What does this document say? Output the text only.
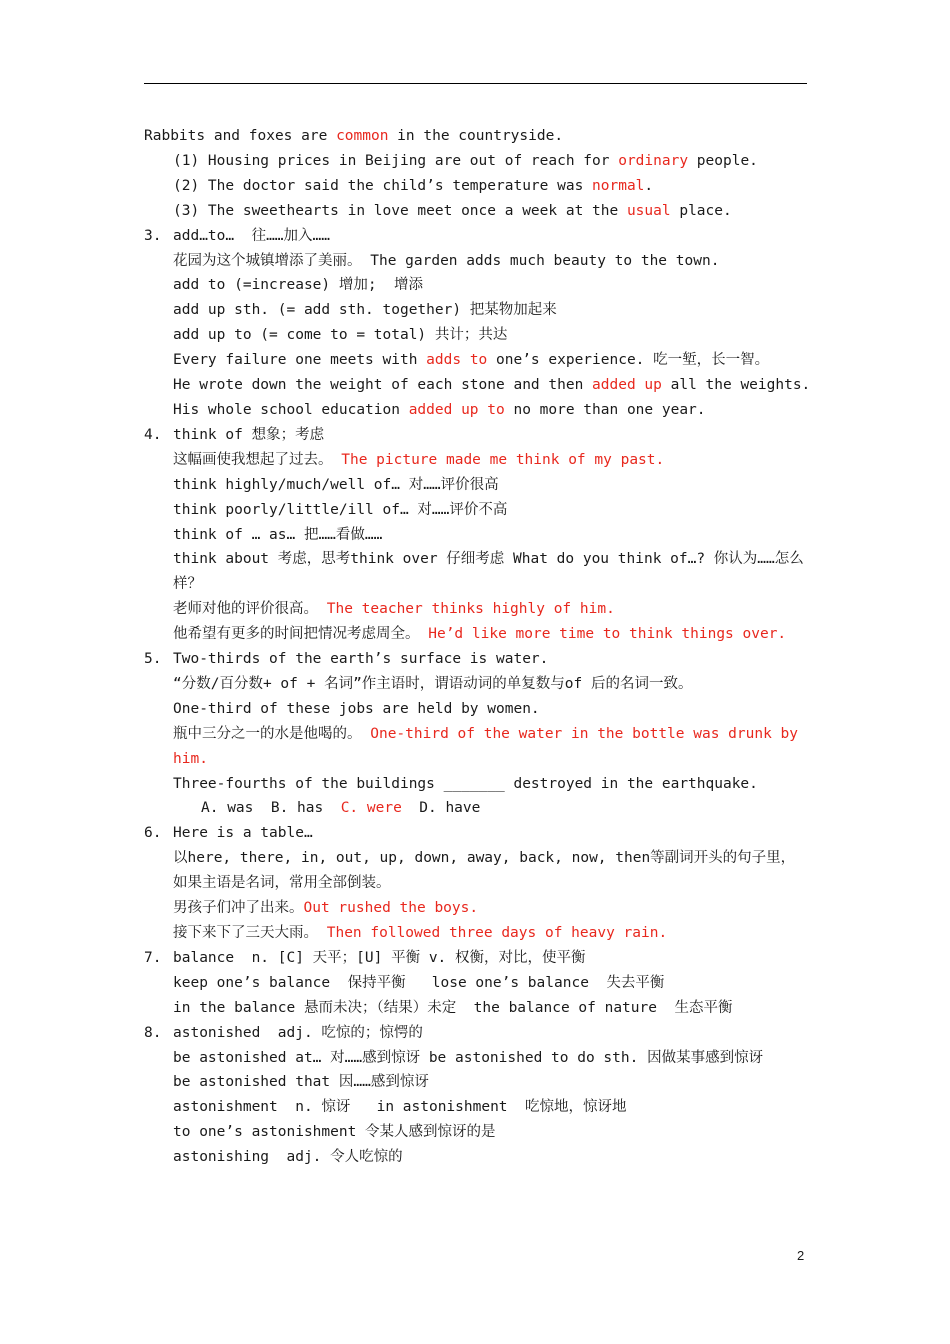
Rabbits and foxes are common in the countryside.
(1) Housing prices in Beijing are out of reach for ordinary people.
(2) The doctor said the child’s temperature was normal.
(3) The sweethearts in love meet once a week at the usual place.
3. add…to…  往……加入……
花园为这个城镇增添了美丽。 The garden adds much beauty to the town.
add to (=increase) 增加;  增添
add up sth. (= add sth. together) 把某物加起来
add up to (= come to = total) 共计；共达
Every failure one meets with adds to one’s experience. 吃一堑，长一智。
He wrote down the weight of each stone and then added up all the weights.
His whole school education added up to no more than one year.
4. think of 想象；考虑
这幅画使我想起了过去。 The picture made me think of my past.
think highly/much/well of… 对……评价很高
think poorly/little/ill of… 对……评价不高
think of … as… 把……看做……
think about 考虑，思考think over 仔细考虑 What do you think of…? 你认为……怎么样？
老师对他的评价很高。 The teacher thinks highly of him.
他希望有更多的时间把情况考虑周全。 He’d like more time to think things over.
5. Two-thirds of the earth’s surface is water.
“分数/百分数+ of + 名词”作主语时，谓语动词的单复数与of 后的名词一致。
One-third of these jobs are held by women.
瓶中三分之一的水是他喝的。 One-third of the water in the bottle was drunk by him.
Three-fourths of the buildings _______ destroyed in the earthquake.
A. was  B. has  C. were  D. have
6. Here is a table…
以here, there, in, out, up, down, away, back, now, then等副词开头的句子里，如果主语是名词，常用全部倒装。
男孩子们冲了出来。Out rushed the boys.
接下来下了三天大雨。 Then followed three days of heavy rain.
7. balance  n. [C] 天平；[U] 平衡 v. 权衡，对比，使平衡
keep one’s balance  保持平衡   lose one’s balance  失去平衡
in the balance 悬而未决；（结果）未定  the balance of nature  生态平衡
8. astonished  adj. 吃惊的；惊愕的
be astonished at… 对……感到惊讶 be astonished to do sth. 因做某事感到惊讶
be astonished that 因……感到惊讶
astonishment  n. 惊讶   in astonishment  吃惊地，惊讶地
to one’s astonishment 令某人感到惊讶的是
astonishing  adj. 令人吃惊的
2
